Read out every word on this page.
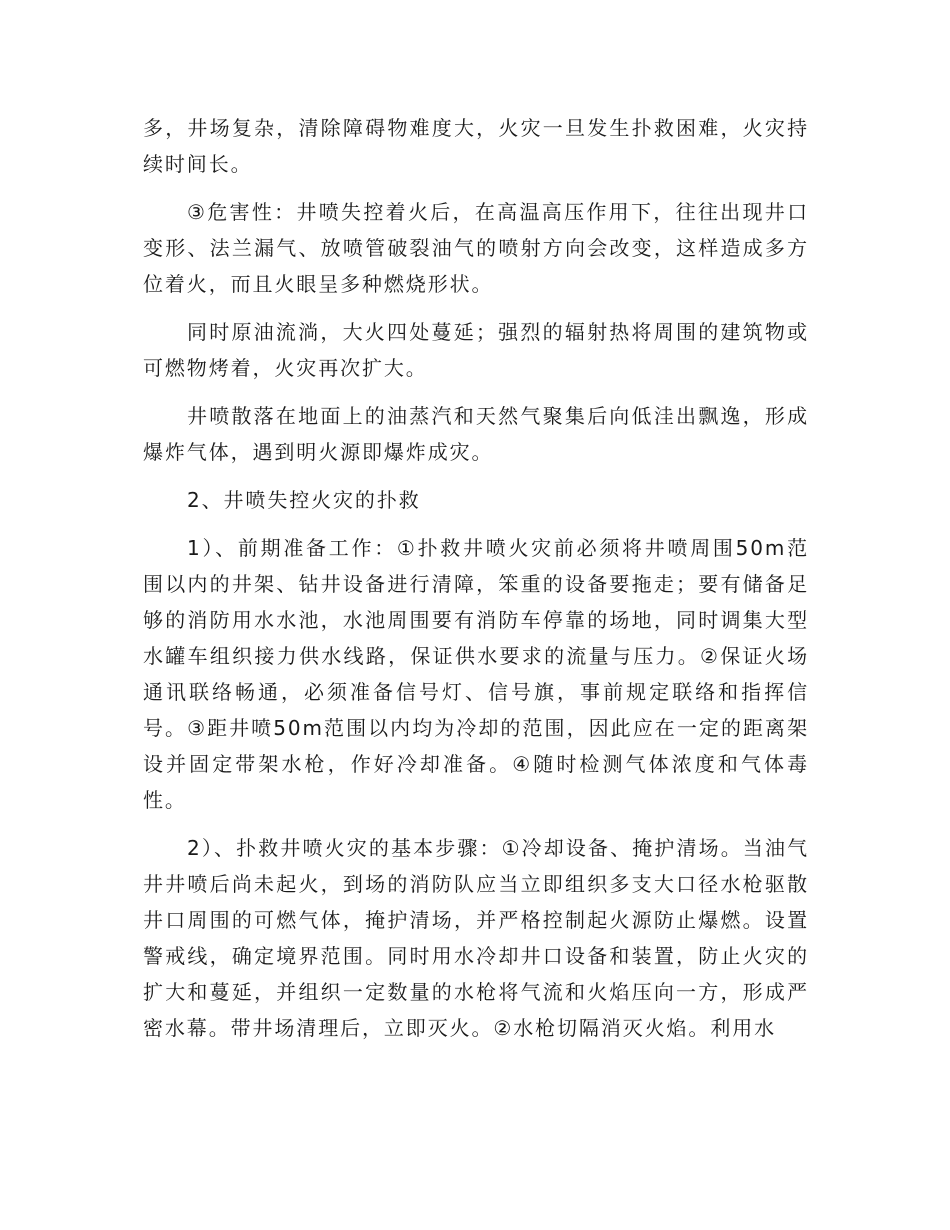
多，井场复杂，清除障碍物难度大，火灾一旦发生扑救困难，火灾持续时间长。

③危害性：井喷失控着火后，在高温高压作用下，往往出现井口变形、法兰漏气、放喷管破裂油气的喷射方向会改变，这样造成多方位着火，而且火眼呈多种燃烧形状。

同时原油流淌，大火四处蔓延；强烈的辐射热将周围的建筑物或可燃物烤着，火灾再次扩大。

井喷散落在地面上的油蒸汽和天然气聚集后向低洼出飘逸，形成爆炸气体，遇到明火源即爆炸成灾。

2、井喷失控火灾的扑救

1）、前期准备工作：①扑救井喷火灾前必须将井喷周围50m范围以内的井架、钻井设备进行清障，笨重的设备要拖走；要有储备足够的消防用水水池，水池周围要有消防车停靠的场地，同时调集大型水罐车组织接力供水线路，保证供水要求的流量与压力。②保证火场通讯联络畅通，必须准备信号灯、信号旗，事前规定联络和指挥信号。③距井喷50m范围以内均为冷却的范围，因此应在一定的距离架设并固定带架水枪，作好冷却准备。④随时检测气体浓度和气体毒性。

2）、扑救井喷火灾的基本步骤：①冷却设备、掩护清场。当油气井井喷后尚未起火，到场的消防队应当立即组织多支大口径水枪驱散井口周围的可燃气体，掩护清场，并严格控制起火源防止爆燃。设置警戒线，确定境界范围。同时用水冷却井口设备和装置，防止火灾的扩大和蔓延，并组织一定数量的水枪将气流和火焰压向一方，形成严密水幕。带井场清理后，立即灭火。②水枪切隔消灭火焰。利用水
